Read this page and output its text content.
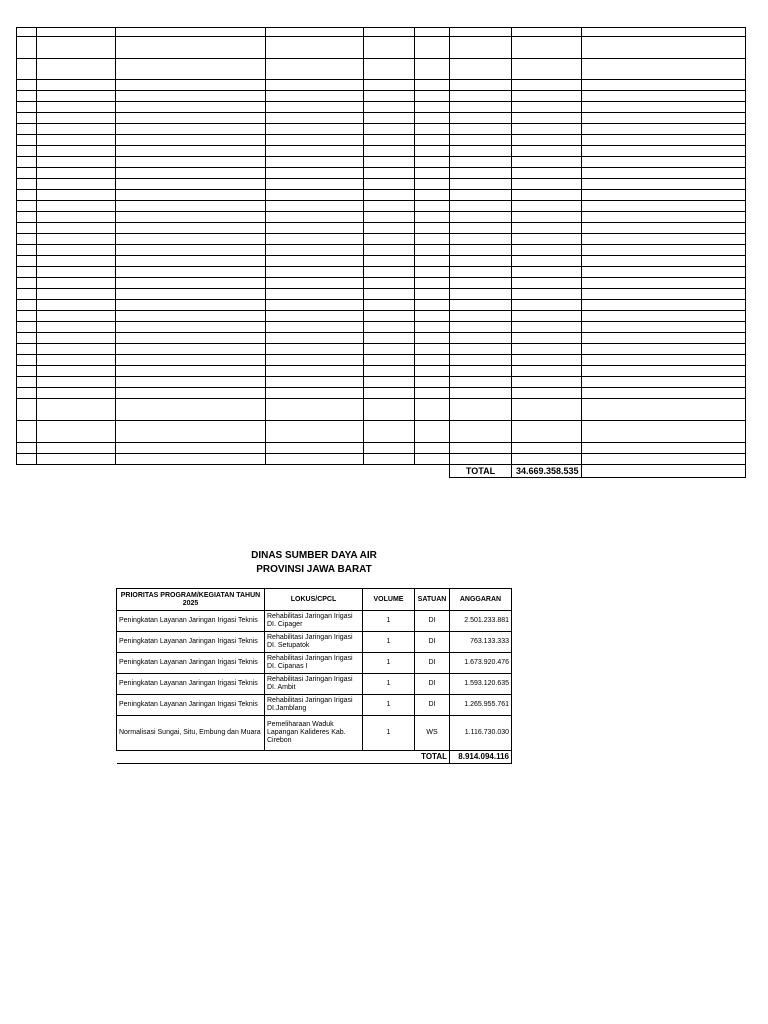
						TOTAL	34.669.358.535	
DINAS SUMBER DAYA AIR
PROVINSI JAWA BARAT
PRIORITAS PROGRAM/KEGIATAN TAHUN 2025	LOKUS/CPCL	VOLUME	SATUAN	ANGGARAN
Peningkatan Layanan Jaringan Irigasi Teknis	Rehabilitasi Jaringan Irigasi DI. Cipager	1	DI	2.501.233.881
Peningkatan Layanan Jaringan Irigasi Teknis	Rehabilitasi Jaringan Irigasi DI. Setupatok	1	DI	763.133.333
Peningkatan Layanan Jaringan Irigasi Teknis	Rehabilitasi Jaringan Irigasi DI. Cipanas I	1	DI	1.673.920.476
Peningkatan Layanan Jaringan Irigasi Teknis	Rehabilitasi Jaringan Irigasi DI. Ambit	1	DI	1.593.120.635
Peningkatan Layanan Jaringan Irigasi Teknis	Rehabilitasi Jaringan Irigasi DI.Jamblang	1	DI	1.265.955.761
Normalisasi Sungai, Situ, Embung dan Muara	Pemeliharaan Waduk Lapangan Kalideres Kab. Cirebon	1	WS	1.116.730.030
			TOTAL	8.914.094.116
